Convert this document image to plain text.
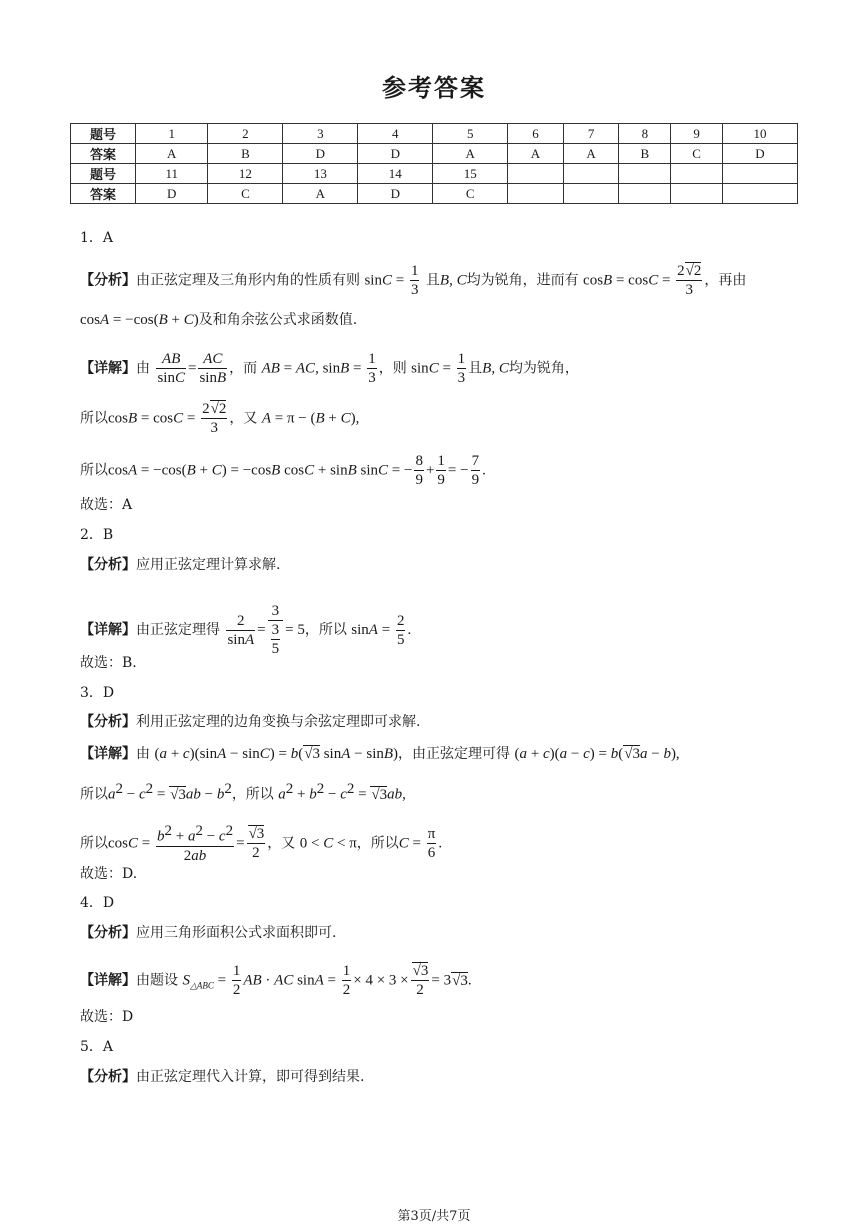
参考答案
题号	1	2	3	4	5	6	7	8	9	10
答案	A	B	D	D	A	A	A	B	C	D
题号	11	12	13	14	15					
答案	D	C	A	D	C					
1．A
【分析】由正弦定理及三角形内角的性质有则 $\sin C = \frac{1}{3}$ 且B, C均为锐角，进而有 $\cos B = \cos C = \frac{2√2}{3}$ ，再由
cosA = −cos(B + C)及和角余弦公式求函数值.
【详解】由 $\frac{AB}{\sin C} = \frac{AC}{\sin B}$ ，而 AB = AC, $\sin B = \frac{1}{3}$ ，则 $\sin C = \frac{1}{3}$ 且B, C均为锐角，
所以$\cos B = \cos C = \frac{2√2}{3}$ ，又 A = π − (B + C),
所以cosA = −cos(B + C) = −cosB cosC + sinB sinC = − $\frac{8}{9} + \frac{1}{9}$ = − $\frac{7}{9}$ .
故选：A
2．B
【分析】应用正弦定理计算求解.
【详解】由正弦定理得 $\frac{2}{\sin A} = \frac{3}{\frac{3}{5}} = 5$，所以 $\sin A = \frac{2}{5}$ .
故选：B.
3．D
【分析】利用正弦定理的边角变换与余弦定理即可求解.
【详解】由 (a + c)(sinA − sinC) = b(√3 sinA − sinB)，由正弦定理可得 (a + c)(a − c) = b(√3a − b),
所以$a^2 - c^2 = √3ab - b^2$，所以 $a^2 + b^2 - c^2 = √3ab$,
所以$\cos C = \frac{b^2 + a^2 - c^2}{2ab} = \frac{√3}{2}$ ，又 0 < C < π，所以$C = \frac{\pi}{6}$ .
故选：D.
4．D
【分析】应用三角形面积公式求面积即可.
【详解】由题设 $S_{\triangle ABC} = \frac{1}{2}$ AB · AC $\sin A = \frac{1}{2} \times 4 \times 3 \times \frac{√3}{2} = 3√3$.
故选：D
5．A
【分析】由正弦定理代入计算，即可得到结果.
第3页/共7页
